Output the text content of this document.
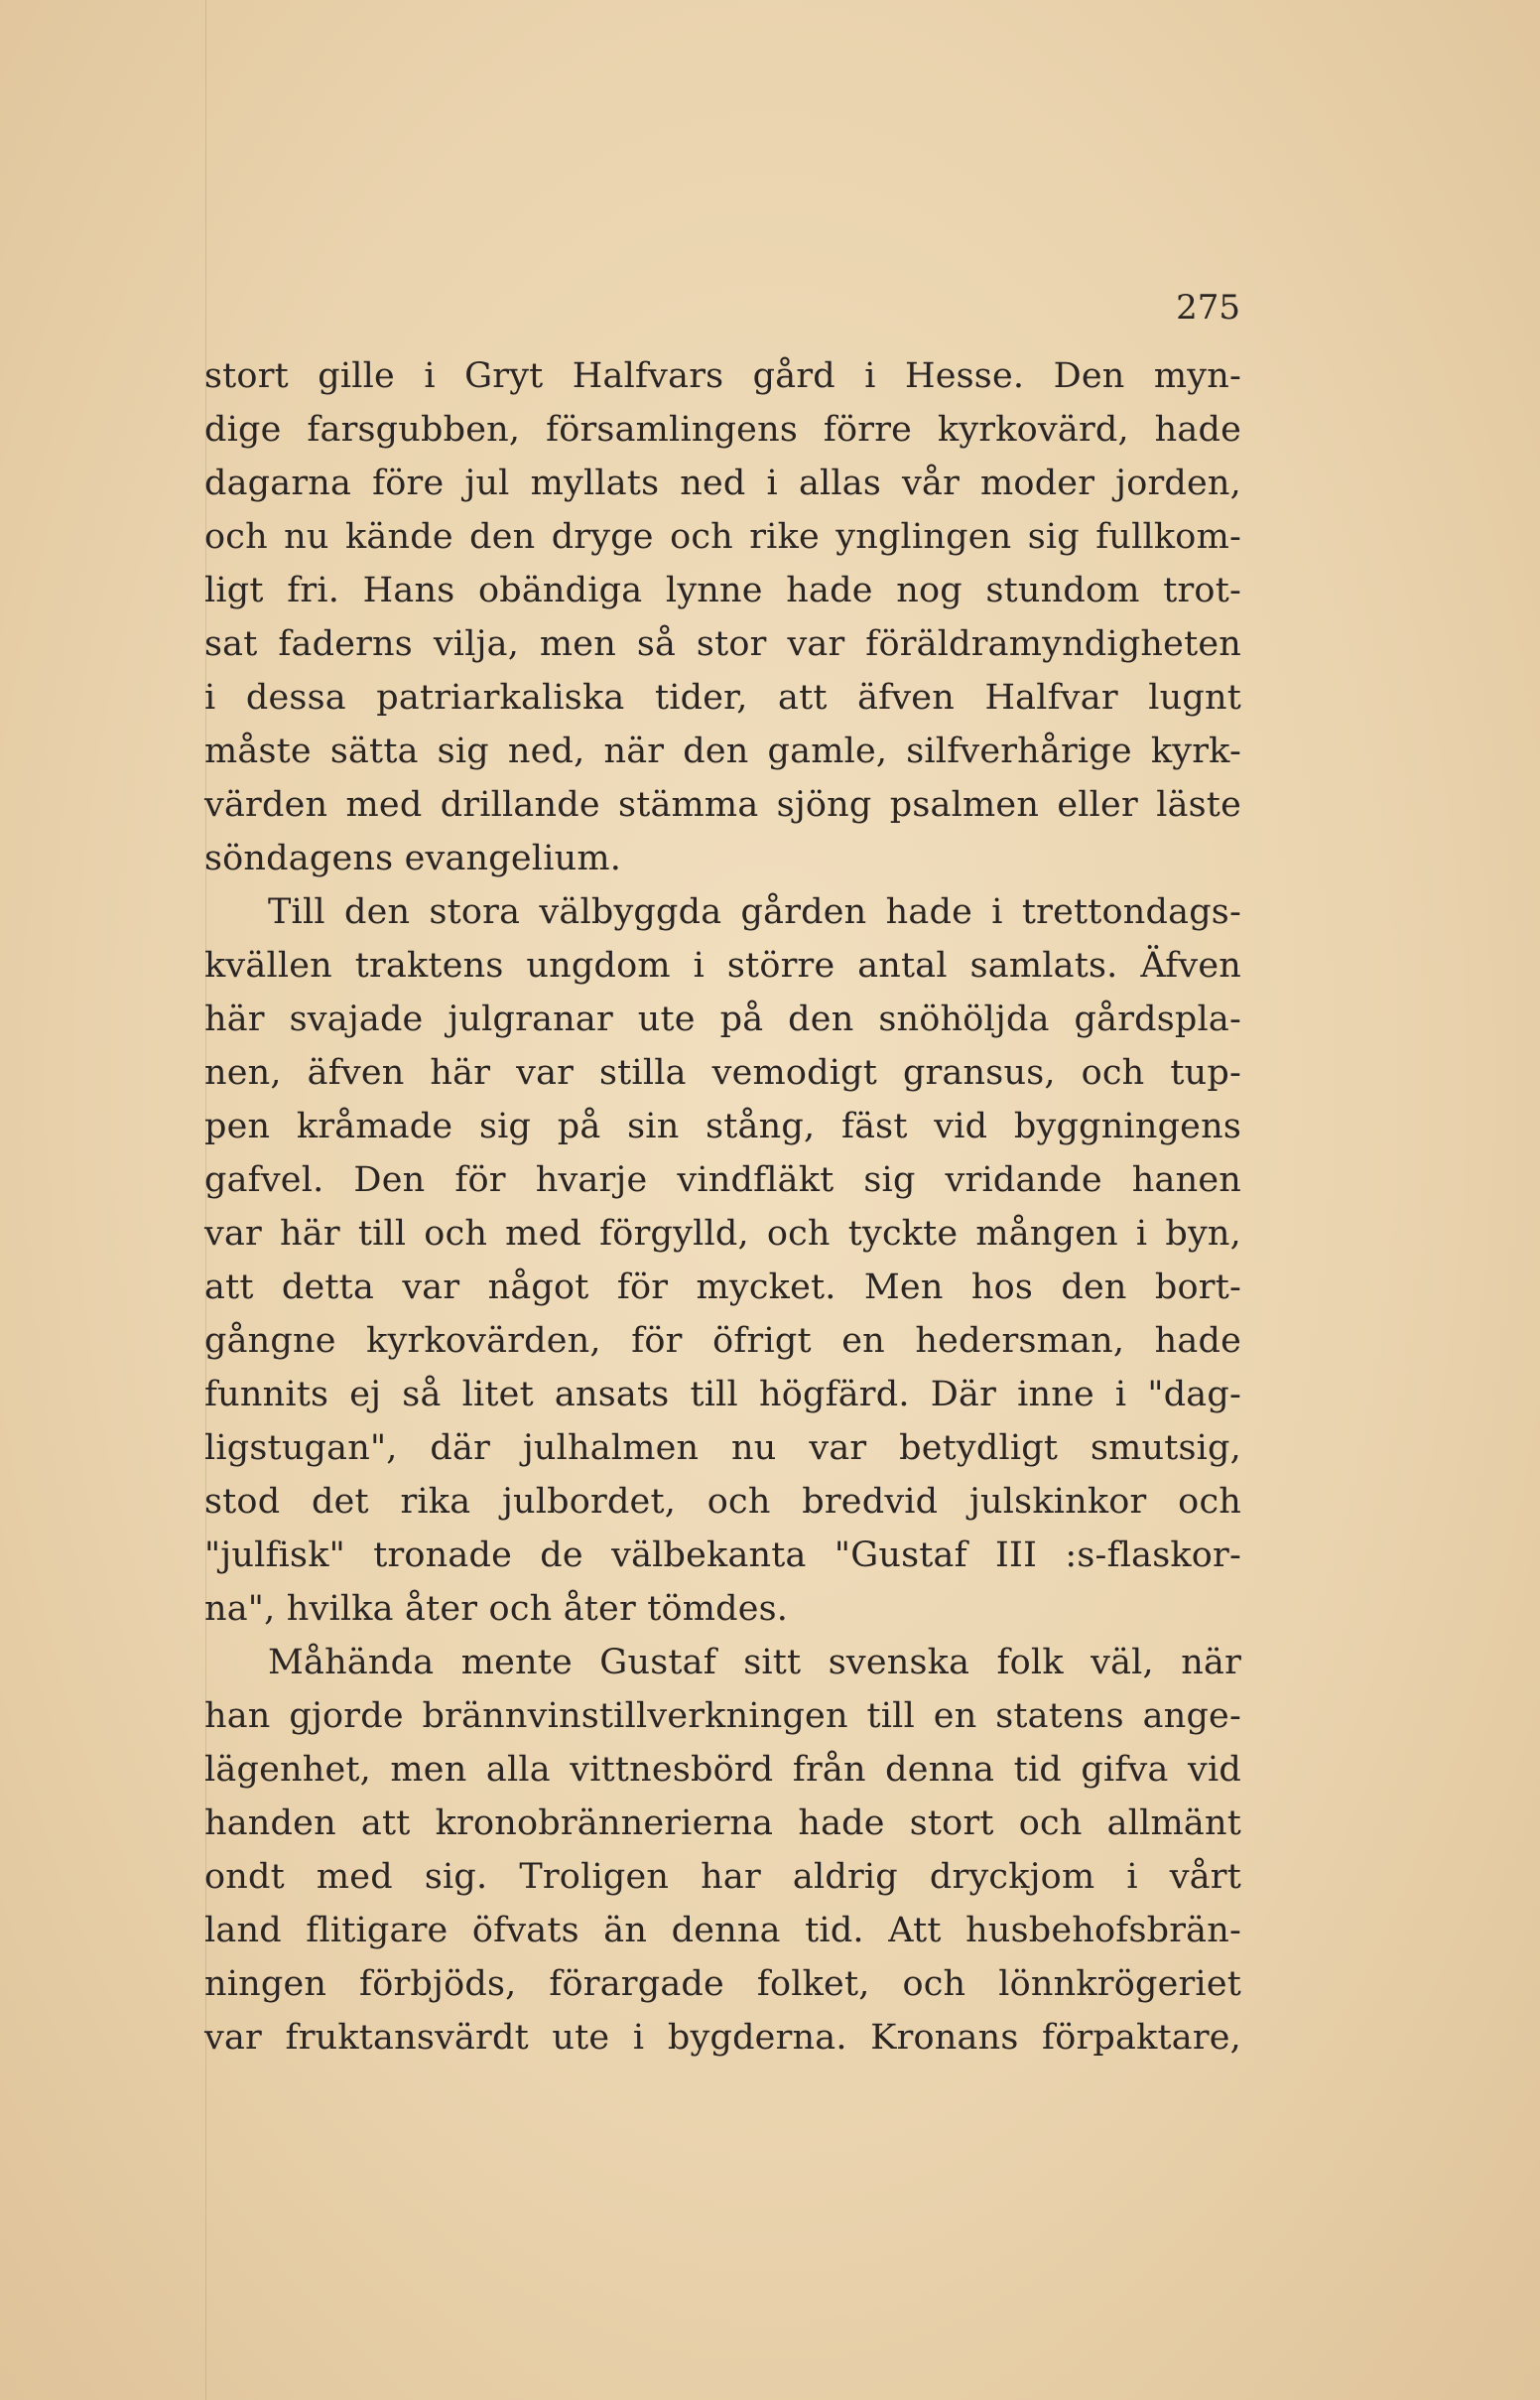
275
stort gille i Gryt Halfvars gård i Hesse. Den myn-
dige farsgubben, församlingens förre kyrkovärd, hade
dagarna före jul myllats ned i allas vår moder jorden,
och nu kände den dryge och rike ynglingen sig fullkom-
ligt fri. Hans obändiga lynne hade nog stundom trot-
sat faderns vilja, men så stor var föräldramyndigheten
i dessa patriarkaliska tider, att äfven Halfvar lugnt
måste sätta sig ned, när den gamle, silfverhårige kyrk-
värden med drillande stämma sjöng psalmen eller läste
söndagens evangelium.
Till den stora välbyggda gården hade i trettondags-
kvällen traktens ungdom i större antal samlats. Äfven
här svajade julgranar ute på den snöhöljda gårdspla-
nen, äfven här var stilla vemodigt gransus, och tup-
pen kråmade sig på sin stång, fäst vid byggningens
gafvel. Den för hvarje vindfläkt sig vridande hanen
var här till och med förgylld, och tyckte mången i byn,
att detta var något för mycket. Men hos den bort-
gångne kyrkovärden, för öfrigt en hedersman, hade
funnits ej så litet ansats till högfärd. Där inne i "dag-
ligstugan", där julhalmen nu var betydligt smutsig,
stod det rika julbordet, och bredvid julskinkor och
"julfisk" tronade de välbekanta "Gustaf III :s-flaskor-
na", hvilka åter och åter tömdes.
Måhända mente Gustaf sitt svenska folk väl, när
han gjorde brännvinstillverkningen till en statens ange-
lägenhet, men alla vittnesbörd från denna tid gifva vid
handen att kronobrännerierna hade stort och allmänt
ondt med sig. Troligen har aldrig dryckjom i vårt
land flitigare öfvats än denna tid. Att husbehofsbrän-
ningen förbjöds, förargade folket, och lönnkrögeriet
var fruktansvärdt ute i bygderna. Kronans förpaktare,
